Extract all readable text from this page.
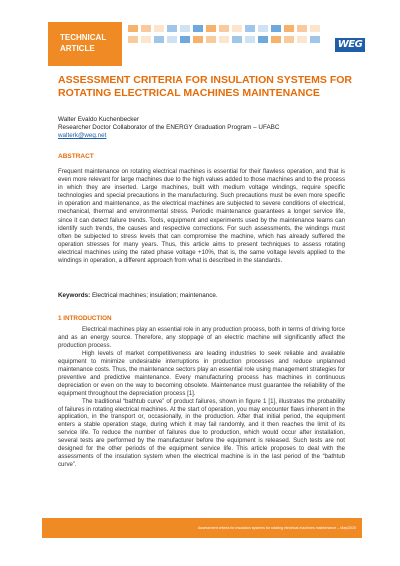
TECHNICAL
ARTICLE	WEG
ASSESSMENT CRITERIA FOR INSULATION SYSTEMS FOR ROTATING ELECTRICAL MACHINES MAINTENANCE
Walter Evaldo Kuchenbecker
Researcher Doctor Collaborator of the ENERGY Graduation Program – UFABC
walterk@weg.net
ABSTRACT
Frequent maintenance on rotating electrical machines is essential for their flawless operation, and that is even more relevant for large machines due to the high values added to those machines and to the process in which they are inserted. Large machines, built with medium voltage windings, require specific technologies and special precautions in the manufacturing. Such precautions must be even more specific in operation and maintenance, as the electrical machines are subjected to severe conditions of electrical, mechanical, thermal and environmental stress. Periodic maintenance guarantees a longer service life, since it can detect failure trends. Tools, equipment and experiments used by the maintenance teams can identify such trends, the causes and respective corrections. For such assessments, the windings must often be subjected to stress levels that can compromise the machine, which has already suffered the operation stresses for many years. Thus, this article aims to present techniques to assess rotating electrical machines using the rated phase voltage +10%, that is, the same voltage levels applied to the windings in operation, a different approach from what is described in the standards.
Keywords: Electrical machines; insulation; maintenance.
1 INTRODUCTION

Electrical machines play an essential role in any production process, both in terms of driving force and as an energy source. Therefore, any stoppage of an electric machine will significantly affect the production process.

High levels of market competitiveness are leading industries to seek reliable and available equipment to minimize undesirable interruptions in production processes and reduce unplanned maintenance costs. Thus, the maintenance sectors play an essential role using management strategies for preventive and predictive maintenance. Every manufacturing process has machines in continuous depreciation or even on the way to becoming obsolete. Maintenance must guarantee the reliability of the equipment throughout the depreciation process [1].

The traditional “bathtub curve” of product failures, shown in figure 1 [1], illustrates the probability of failures in rotating electrical machines. At the start of operation, you may encounter flaws inherent in the application, in the transport or, occasionally, in the production. After that initial period, the equipment enters a stable operation stage, during which it may fail randomly, and it then reaches the limit of its service life. To reduce the number of failures due to production, which would occur after installation, several tests are performed by the manufacturer before the equipment is released. Such tests are not designed for the other periods of the equipment service life. This article proposes to deal with the assessments of the insulation system when the electrical machine is in the last period of the “bathtub curve”.

Assessment criteria for insulation systems for rotating electrical machines maintenance – May/2020
